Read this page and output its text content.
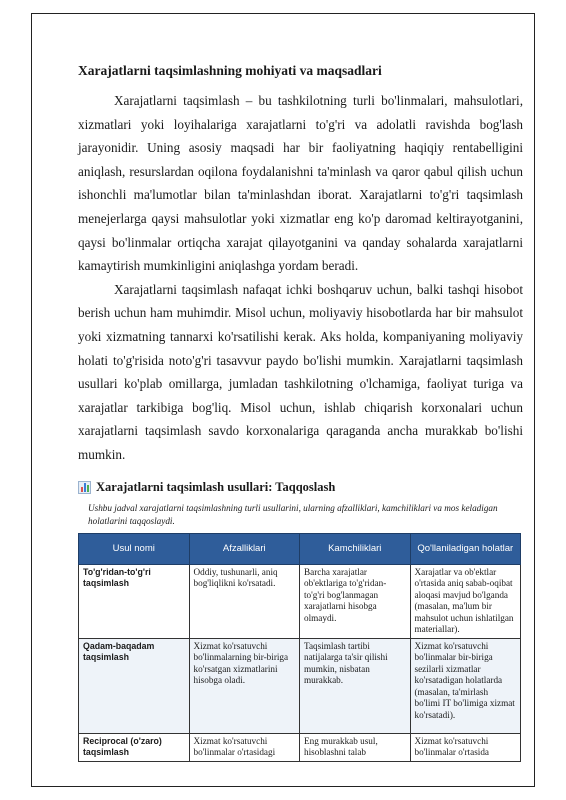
Xarajatlarni taqsimlashning mohiyati va maqsadlari

Xarajatlarni taqsimlash – bu tashkilotning turli bo'linmalari, mahsulotlari, xizmatlari yoki loyihalariga xarajatlarni to'g'ri va adolatli ravishda bog'lash jarayonidir. Uning asosiy maqsadi har bir faoliyatning haqiqiy rentabelligini aniqlash, resurslardan oqilona foydalanishni ta'minlash va qaror qabul qilish uchun ishonchli ma'lumotlar bilan ta'minlashdan iborat. Xarajatlarni to'g'ri taqsimlash menejerlarga qaysi mahsulotlar yoki xizmatlar eng ko'p daromad keltirayotganini, qaysi bo'linmalar ortiqcha xarajat qilayotganini va qanday sohalarda xarajatlarni kamaytirish mumkinligini aniqlashga yordam beradi.

Xarajatlarni taqsimlash nafaqat ichki boshqaruv uchun, balki tashqi hisobot berish uchun ham muhimdir. Misol uchun, moliyaviy hisobotlarda har bir mahsulot yoki xizmatning tannarxi ko'rsatilishi kerak. Aks holda, kompaniyaning moliyaviy holati to'g'risida noto'g'ri tasavvur paydo bo'lishi mumkin. Xarajatlarni taqsimlash usullari ko'plab omillarga, jumladan tashkilotning o'lchamiga, faoliyat turiga va xarajatlar tarkibiga bog'liq. Misol uchun, ishlab chiqarish korxonalari uchun xarajatlarni taqsimlash savdo korxonalariga qaraganda ancha murakkab bo'lishi mumkin.

Xarajatlarni taqsimlash usullari: Taqqoslash
Ushbu jadval xarajatlarni taqsimlashning turli usullarini, ularning afzalliklari, kamchiliklari va mos keladigan holatlarini taqqoslaydi.
Usul nomi	Afzalliklari	Kamchiliklari	Qo'llaniladigan holatlar
To'g'ridan-to'g'ri taqsimlash	Oddiy, tushunarli, aniq bog'liqlikni ko'rsatadi.	Barcha xarajatlar ob'ektlariga to'g'ridan-to'g'ri bog'lanmagan xarajatlarni hisobga olmaydi.	Xarajatlar va ob'ektlar o'rtasida aniq sabab-oqibat aloqasi mavjud bo'lganda (masalan, ma'lum bir mahsulot uchun ishlatilgan materiallar).
Qadam-baqadam taqsimlash	Xizmat ko'rsatuvchi bo'linmalarning bir-biriga ko'rsatgan xizmatlarini hisobga oladi.	Taqsimlash tartibi natijalarga ta'sir qilishi mumkin, nisbatan murakkab.	Xizmat ko'rsatuvchi bo'linmalar bir-biriga sezilarli xizmatlar ko'rsatadigan holatlarda (masalan, ta'mirlash bo'limi IT bo'limiga xizmat ko'rsatadi).
Reciprocal (o'zaro) taqsimlash	Xizmat ko'rsatuvchi bo'linmalar o'rtasidagi	Eng murakkab usul, hisoblashni talab	Xizmat ko'rsatuvchi bo'linmalar o'rtasida
